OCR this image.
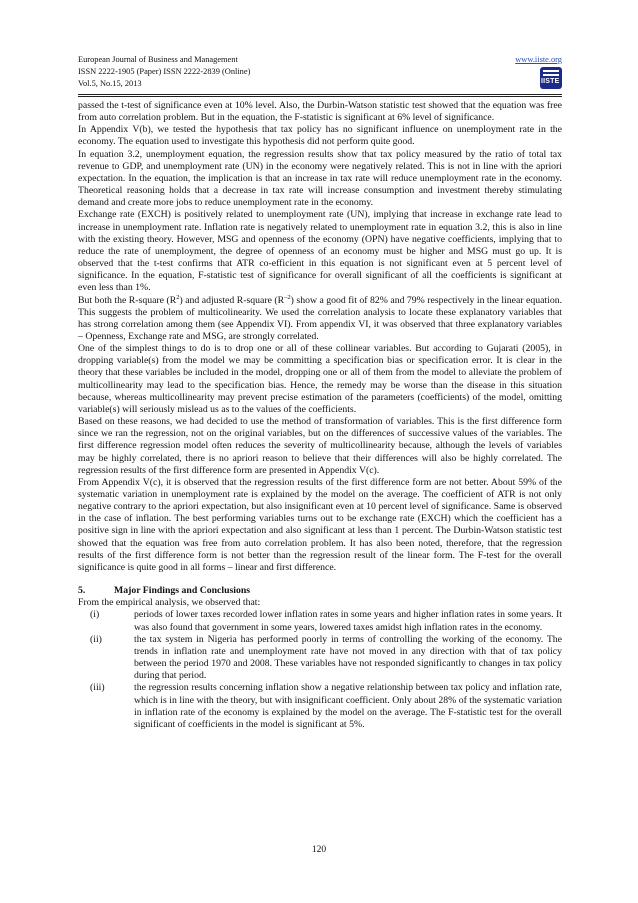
European Journal of Business and Management	www.iiste.org
ISSN 2222-1905 (Paper) ISSN 2222-2839 (Online)
Vol.5, No.15, 2013	IISTE

passed the t-test of significance even at 10% level. Also, the Durbin-Watson statistic test showed that the equation was free from auto correlation problem. But in the equation, the F-statistic is significant at 6% level of significance.

In Appendix V(b), we tested the hypothesis that tax policy has no significant influence on unemployment rate in the economy. The equation used to investigate this hypothesis did not perform quite good.

In equation 3.2, unemployment equation, the regression results show that tax policy measured by the ratio of total tax revenue to GDP, and unemployment rate (UN) in the economy were negatively related. This is not in line with the apriori expectation. In the equation, the implication is that an increase in tax rate will reduce unemployment rate in the economy. Theoretical reasoning holds that a decrease in tax rate will increase consumption and investment thereby stimulating demand and create more jobs to reduce unemployment rate in the economy.

Exchange rate (EXCH) is positively related to unemployment rate (UN), implying that increase in exchange rate lead to increase in unemployment rate. Inflation rate is negatively related to unemployment rate in equation 3.2, this is also in line with the existing theory. However, MSG and openness of the economy (OPN) have negative coefficients, implying that to reduce the rate of unemployment, the degree of openness of an economy must be higher and MSG must go up. It is observed that the t-test confirms that ATR co-efficient in this equation is not significant even at 5 percent level of significance. In the equation, F-statistic test of significance for overall significant of all the coefficients is significant at even less than 1%.

But both the R-square $(R^2)$ and adjusted R-square $(R^{-2})$ show a good fit of 82% and 79% respectively in the linear equation. This suggests the problem of multicolinearity. We used the correlation analysis to locate these explanatory variables that has strong correlation among them (see Appendix VI). From appendix VI, it was observed that three explanatory variables – Openness, Exchange rate and MSG, are strongly correlated.

One of the simplest things to do is to drop one or all of these collinear variables. But according to Gujarati (2005), in dropping variable(s) from the model we may be committing a specification bias or specification error. It is clear in the theory that these variables be included in the model, dropping one or all of them from the model to alleviate the problem of multicollinearity may lead to the specification bias. Hence, the remedy may be worse than the disease in this situation because, whereas multicollinearity may prevent precise estimation of the parameters (coefficients) of the model, omitting variable(s) will seriously mislead us as to the values of the coefficients.

Based on these reasons, we had decided to use the method of transformation of variables. This is the first difference form since we ran the regression, not on the original variables, but on the differences of successive values of the variables. The first difference regression model often reduces the severity of multicollinearity because, although the levels of variables may be highly correlated, there is no apriori reason to believe that their differences will also be highly correlated. The regression results of the first difference form are presented in Appendix V(c).

From Appendix V(c), it is observed that the regression results of the first difference form are not better. About 59% of the systematic variation in unemployment rate is explained by the model on the average. The coefficient of ATR is not only negative contrary to the apriori expectation, but also insignificant even at 10 percent level of significance. Same is observed in the case of inflation. The best performing variables turns out to be exchange rate (EXCH) which the coefficient has a positive sign in line with the apriori expectation and also significant at less than 1 percent. The Durbin-Watson statistic test showed that the equation was free from auto correlation problem. It has also been noted, therefore, that the regression results of the first difference form is not better than the regression result of the linear form. The F-test for the overall significance is quite good in all forms – linear and first difference.

5.	Major Findings and Conclusions

From the empirical analysis, we observed that:

(i)	periods of lower taxes recorded lower inflation rates in some years and higher inflation rates in some years. It was also found that government in some years, lowered taxes amidst high inflation rates in the economy.
(ii)	the tax system in Nigeria has performed poorly in terms of controlling the working of the economy. The trends in inflation rate and unemployment rate have not moved in any direction with that of tax policy between the period 1970 and 2008. These variables have not responded significantly to changes in tax policy during that period.
(iii)	the regression results concerning inflation show a negative relationship between tax policy and inflation rate, which is in line with the theory, but with insignificant coefficient. Only about 28% of the systematic variation in inflation rate of the economy is explained by the model on the average. The F-statistic test for the overall significant of coefficients in the model is significant at 5%.
120
